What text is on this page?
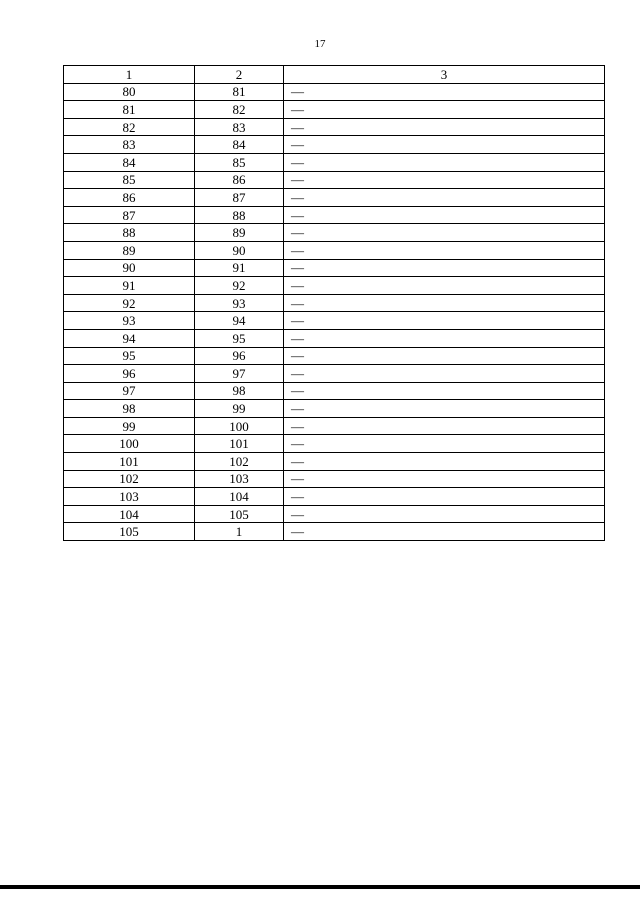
17
1	2	3
80	81	—
81	82	—
82	83	—
83	84	—
84	85	—
85	86	—
86	87	—
87	88	—
88	89	—
89	90	—
90	91	—
91	92	—
92	93	—
93	94	—
94	95	—
95	96	—
96	97	—
97	98	—
98	99	—
99	100	—
100	101	—
101	102	—
102	103	—
103	104	—
104	105	—
105	1	—
